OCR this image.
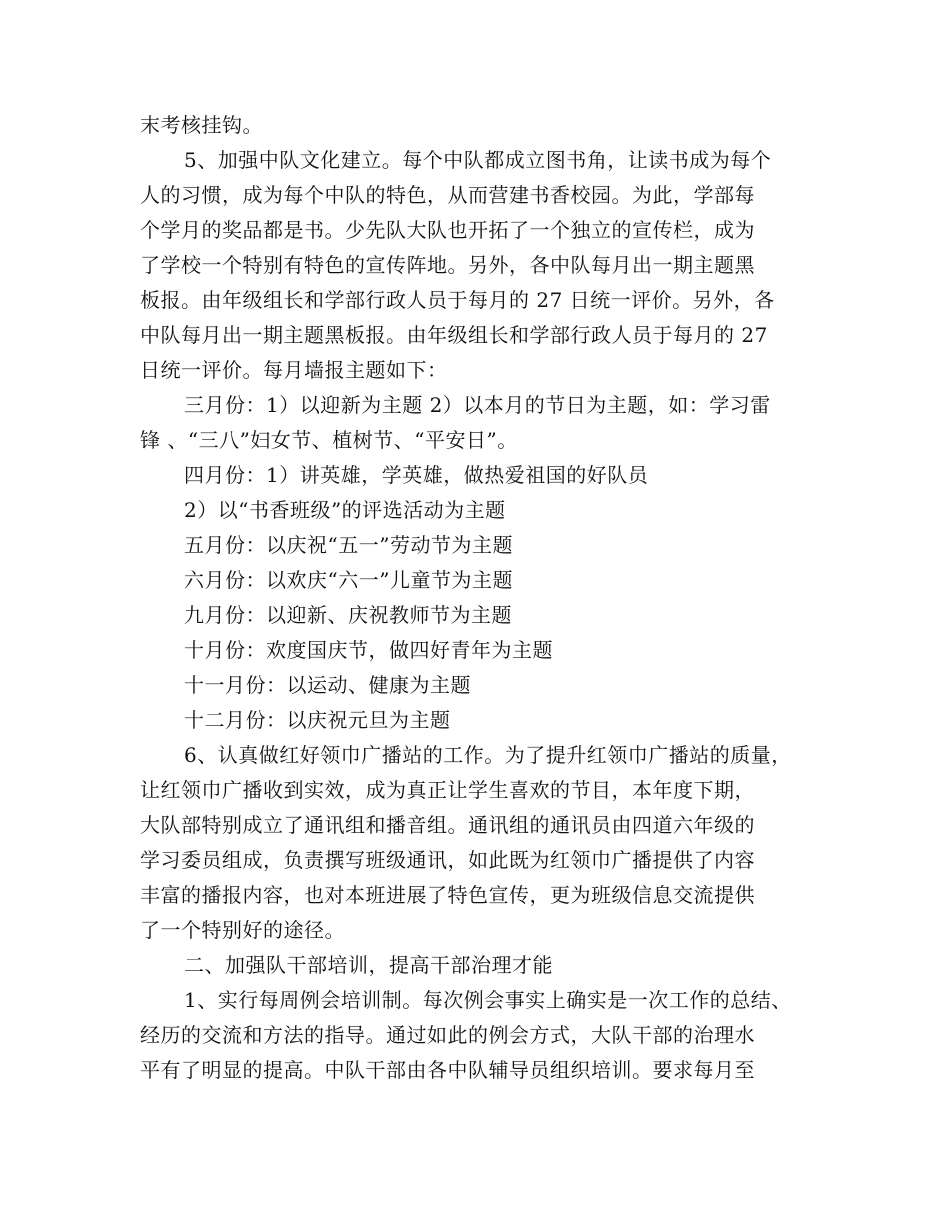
末考核挂钩。
5、加强中队文化建立。每个中队都成立图书角，让读书成为每个
人的习惯，成为每个中队的特色，从而营建书香校园。为此，学部每
个学月的奖品都是书。少先队大队也开拓了一个独立的宣传栏，成为
了学校一个特别有特色的宣传阵地。另外，各中队每月出一期主题黑
板报。由年级组长和学部行政人员于每月的 27 日统一评价。另外，各
中队每月出一期主题黑板报。由年级组长和学部行政人员于每月的 27
日统一评价。每月墙报主题如下：
三月份：1）以迎新为主题 2）以本月的节日为主题，如：学习雷
锋 、“三八”妇女节、植树节、“平安日”。
四月份：1）讲英雄，学英雄，做热爱祖国的好队员
2）以“书香班级”的评选活动为主题
五月份：以庆祝“五一”劳动节为主题
六月份：以欢庆“六一”儿童节为主题
九月份：以迎新、庆祝教师节为主题
十月份：欢度国庆节，做四好青年为主题
十一月份：以运动、健康为主题
十二月份：以庆祝元旦为主题
6、认真做红好领巾广播站的工作。为了提升红领巾广播站的质量，
让红领巾广播收到实效，成为真正让学生喜欢的节目，本年度下期，
大队部特别成立了通讯组和播音组。通讯组的通讯员由四道六年级的
学习委员组成，负责撰写班级通讯，如此既为红领巾广播提供了内容
丰富的播报内容，也对本班进展了特色宣传，更为班级信息交流提供
了一个特别好的途径。
二、加强队干部培训，提高干部治理才能
1、实行每周例会培训制。每次例会事实上确实是一次工作的总结、
经历的交流和方法的指导。通过如此的例会方式，大队干部的治理水
平有了明显的提高。中队干部由各中队辅导员组织培训。要求每月至
